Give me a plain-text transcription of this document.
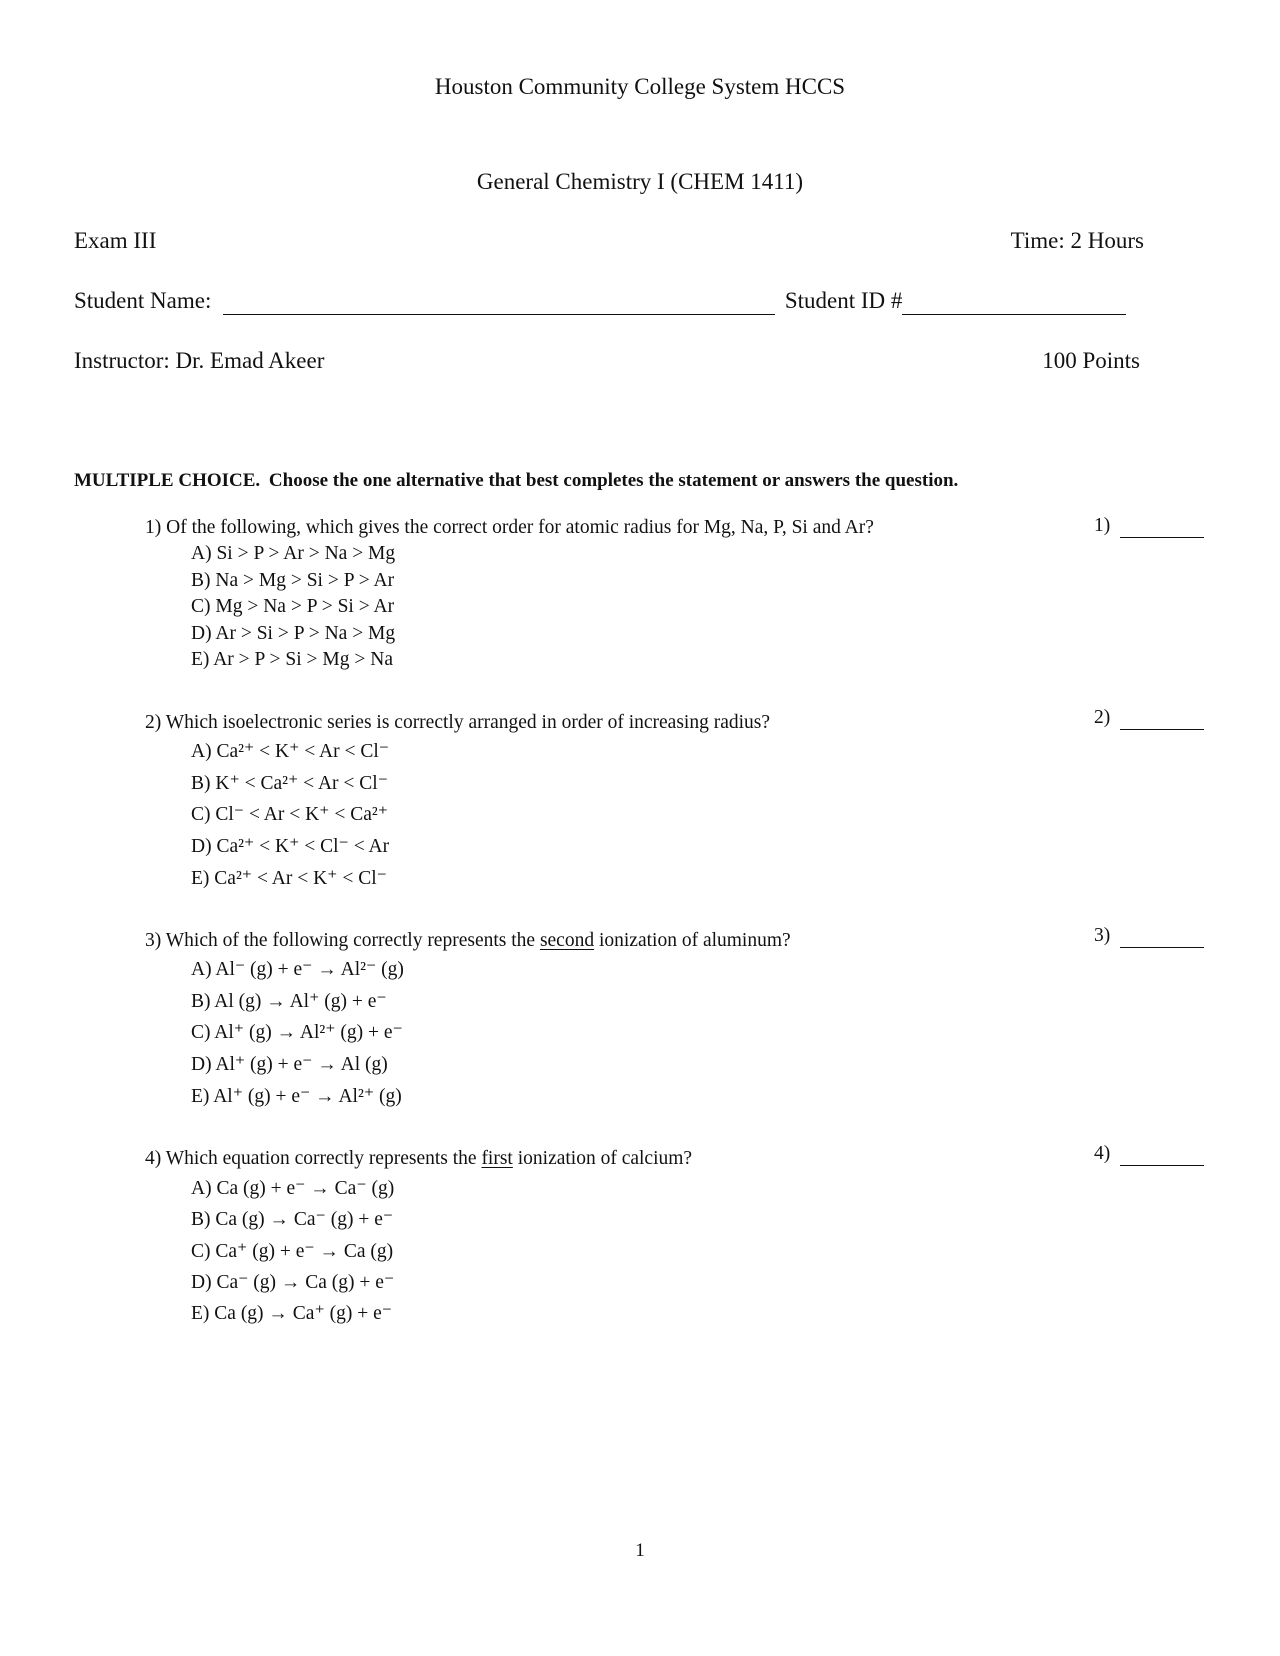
Houston Community College System HCCS
General Chemistry I (CHEM 1411)
Exam III	Time: 2 Hours
Student Name:	Student ID #
Instructor: Dr. Emad Akeer	100 Points
MULTIPLE CHOICE. Choose the one alternative that best completes the statement or answers the question.
1) Of the following, which gives the correct order for atomic radius for Mg, Na, P, Si and Ar?
A) Si > P > Ar > Na > Mg
B) Na > Mg > Si > P > Ar
C) Mg > Na > P > Si > Ar
D) Ar > Si > P > Na > Mg
E) Ar > P > Si > Mg > Na
1)
2) Which isoelectronic series is correctly arranged in order of increasing radius?
A) Ca²⁺ < K⁺ < Ar < Cl⁻
B) K⁺ < Ca²⁺ < Ar < Cl⁻
C) Cl⁻ < Ar < K⁺ < Ca²⁺
D) Ca²⁺ < K⁺ < Cl⁻ < Ar
E) Ca²⁺ < Ar < K⁺ < Cl⁻
2)
3) Which of the following correctly represents the second ionization of aluminum?
A) Al⁻ (g) + e⁻ → Al²⁻ (g)
B) Al (g) → Al⁺ (g) + e⁻
C) Al⁺ (g) → Al²⁺ (g) + e⁻
D) Al⁺ (g) + e⁻ → Al (g)
E) Al⁺ (g) + e⁻ → Al²⁺ (g)
3)
4) Which equation correctly represents the first ionization of calcium?
A) Ca (g) + e⁻ → Ca⁻ (g)
B) Ca (g) → Ca⁻ (g) + e⁻
C) Ca⁺ (g) + e⁻ → Ca (g)
D) Ca⁻ (g) → Ca (g) + e⁻
E) Ca (g) → Ca⁺ (g) + e⁻
4)
1
